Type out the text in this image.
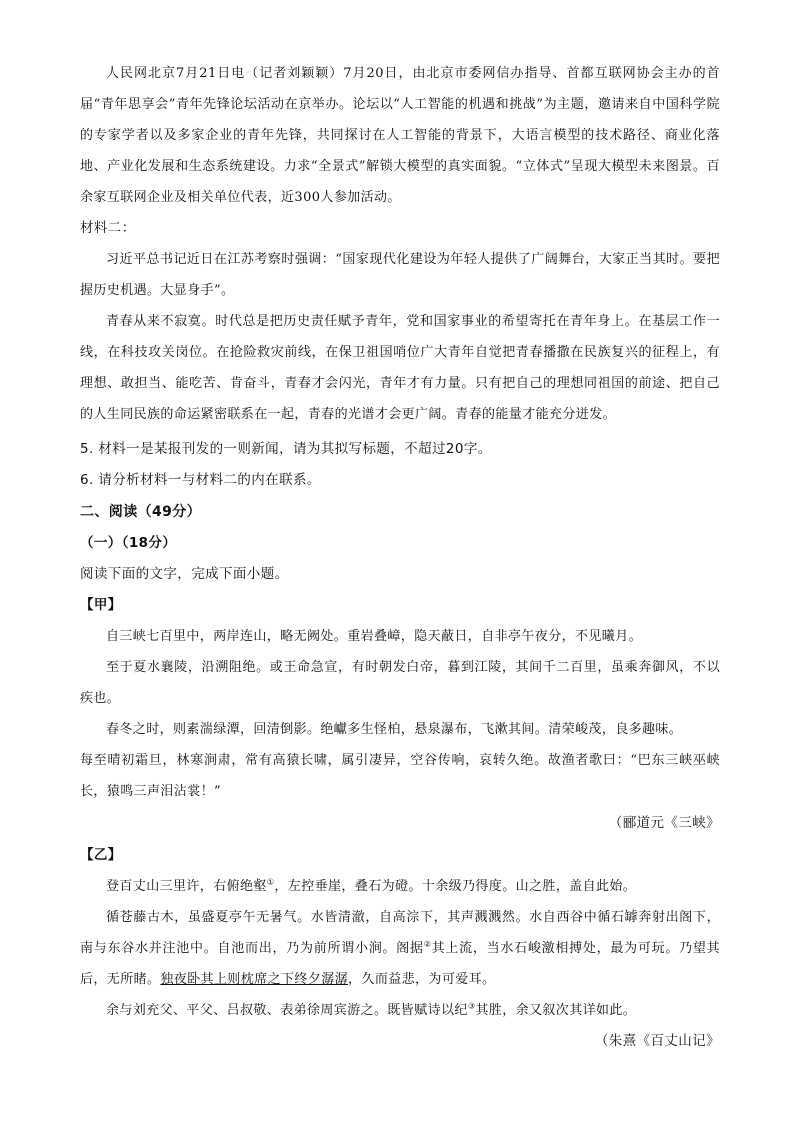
人民网北京7月21日电（记者刘颖颖）7月20日，由北京市委网信办指导、首都互联网协会主办的首届“青年思享会”青年先锋论坛活动在京举办。论坛以“人工智能的机遇和挑战”为主题，邀请来自中国科学院的专家学者以及多家企业的青年先锋，共同探讨在人工智能的背景下，大语言模型的技术路径、商业化落地、产业化发展和生态系统建设。力求“全景式”解锁大模型的真实面貌。“立体式”呈现大模型未来图景。百余家互联网企业及相关单位代表，近300人参加活动。

材料二：

习近平总书记近日在江苏考察时强调：“国家现代化建设为年轻人提供了广阔舞台，大家正当其时。要把握历史机遇。大显身手”。

青春从来不寂寞。时代总是把历史责任赋予青年，党和国家事业的希望寄托在青年身上。在基层工作一线，在科技攻关岗位。在抢险救灾前线，在保卫祖国哨位广大青年自觉把青春播撒在民族复兴的征程上，有理想、敢担当、能吃苦、肯奋斗，青春才会闪光，青年才有力量。只有把自己的理想同祖国的前途、把自己的人生同民族的命运紧密联系在一起，青春的光谱才会更广阔。青春的能量才能充分迸发。

5. 材料一是某报刊发的一则新闻，请为其拟写标题，不超过20字。

6. 请分析材料一与材料二的内在联系。

二、阅读（49分）

（一）（18分）

阅读下面的文字，完成下面小题。

【甲】

自三峡七百里中，两岸连山，略无阙处。重岩叠嶂，隐天蔽日，自非亭午夜分，不见曦月。

至于夏水襄陵，沿溯阻绝。或王命急宣，有时朝发白帝，暮到江陵，其间千二百里，虽乘奔御风，不以疾也。

春冬之时，则素湍绿潭，回清倒影。绝巘多生怪柏，悬泉瀑布，飞漱其间。清荣峻茂，良多趣味。

每至晴初霜旦，林寒涧肃，常有高猿长啸，属引凄异，空谷传响，哀转久绝。故渔者歌曰：“巴东三峡巫峡长，猿鸣三声泪沾裳！”

（郦道元《三峡》

【乙】

登百丈山三里许，右俯绝壑①，左控垂崖，叠石为磴。十余级乃得度。山之胜，盖自此始。

循苍藤古木，虽盛夏亭午无暑气。水皆清澈，自高淙下，其声溅溅然。水自西谷中循石罅奔射出阁下，南与东谷水并注池中。自池而出，乃为前所谓小涧。阁据②其上流，当水石峻激相搏处，最为可玩。乃望其后，无所睹。独夜卧其上则枕席之下终夕潺潺，久而益悲，为可爱耳。

余与刘充父、平父、吕叔敬、表弟徐周宾游之。既皆赋诗以纪③其胜，余又叙次其详如此。

（朱熹《百丈山记》
